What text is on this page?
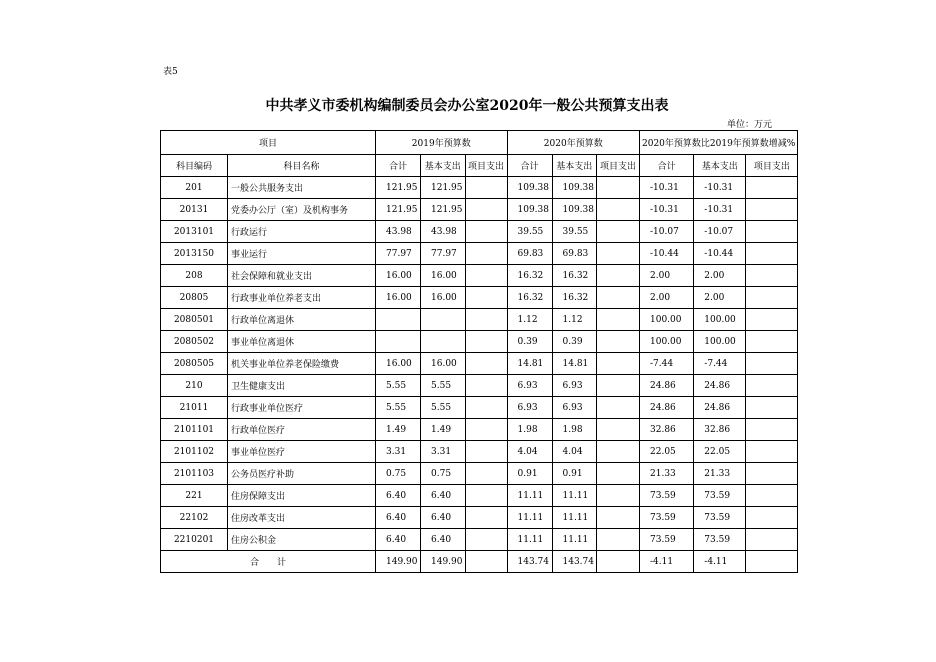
表5
中共孝义市委机构编制委员会办公室2020年一般公共预算支出表
单位：万元
项目		2019年预算数			2020年预算数			2020年预算数比2019年预算数增减%		
科目编码	科目名称	合计	基本支出	项目支出	合计	基本支出	项目支出	合计	基本支出	项目支出
201	一般公共服务支出	121.95	121.95		109.38	109.38		-10.31	-10.31	
20131	党委办公厅（室）及机构事务	121.95	121.95		109.38	109.38		-10.31	-10.31	
2013101	行政运行	43.98	43.98		39.55	39.55		-10.07	-10.07	
2013150	事业运行	77.97	77.97		69.83	69.83		-10.44	-10.44	
208	社会保障和就业支出	16.00	16.00		16.32	16.32		2.00	2.00	
20805	行政事业单位养老支出	16.00	16.00		16.32	16.32		2.00	2.00	
2080501	行政单位离退休				1.12	1.12		100.00	100.00	
2080502	事业单位离退休				0.39	0.39		100.00	100.00	
2080505	机关事业单位养老保险缴费	16.00	16.00		14.81	14.81		-7.44	-7.44	
210	卫生健康支出	5.55	5.55		6.93	6.93		24.86	24.86	
21011	行政事业单位医疗	5.55	5.55		6.93	6.93		24.86	24.86	
2101101	行政单位医疗	1.49	1.49		1.98	1.98		32.86	32.86	
2101102	事业单位医疗	3.31	3.31		4.04	4.04		22.05	22.05	
2101103	公务员医疗补助	0.75	0.75		0.91	0.91		21.33	21.33	
221	住房保障支出	6.40	6.40		11.11	11.11		73.59	73.59	
22102	住房改革支出	6.40	6.40		11.11	11.11		73.59	73.59	
2210201	住房公积金	6.40	6.40		11.11	11.11		73.59	73.59	
合　　计		149.90	149.90		143.74	143.74		-4.11	-4.11	
